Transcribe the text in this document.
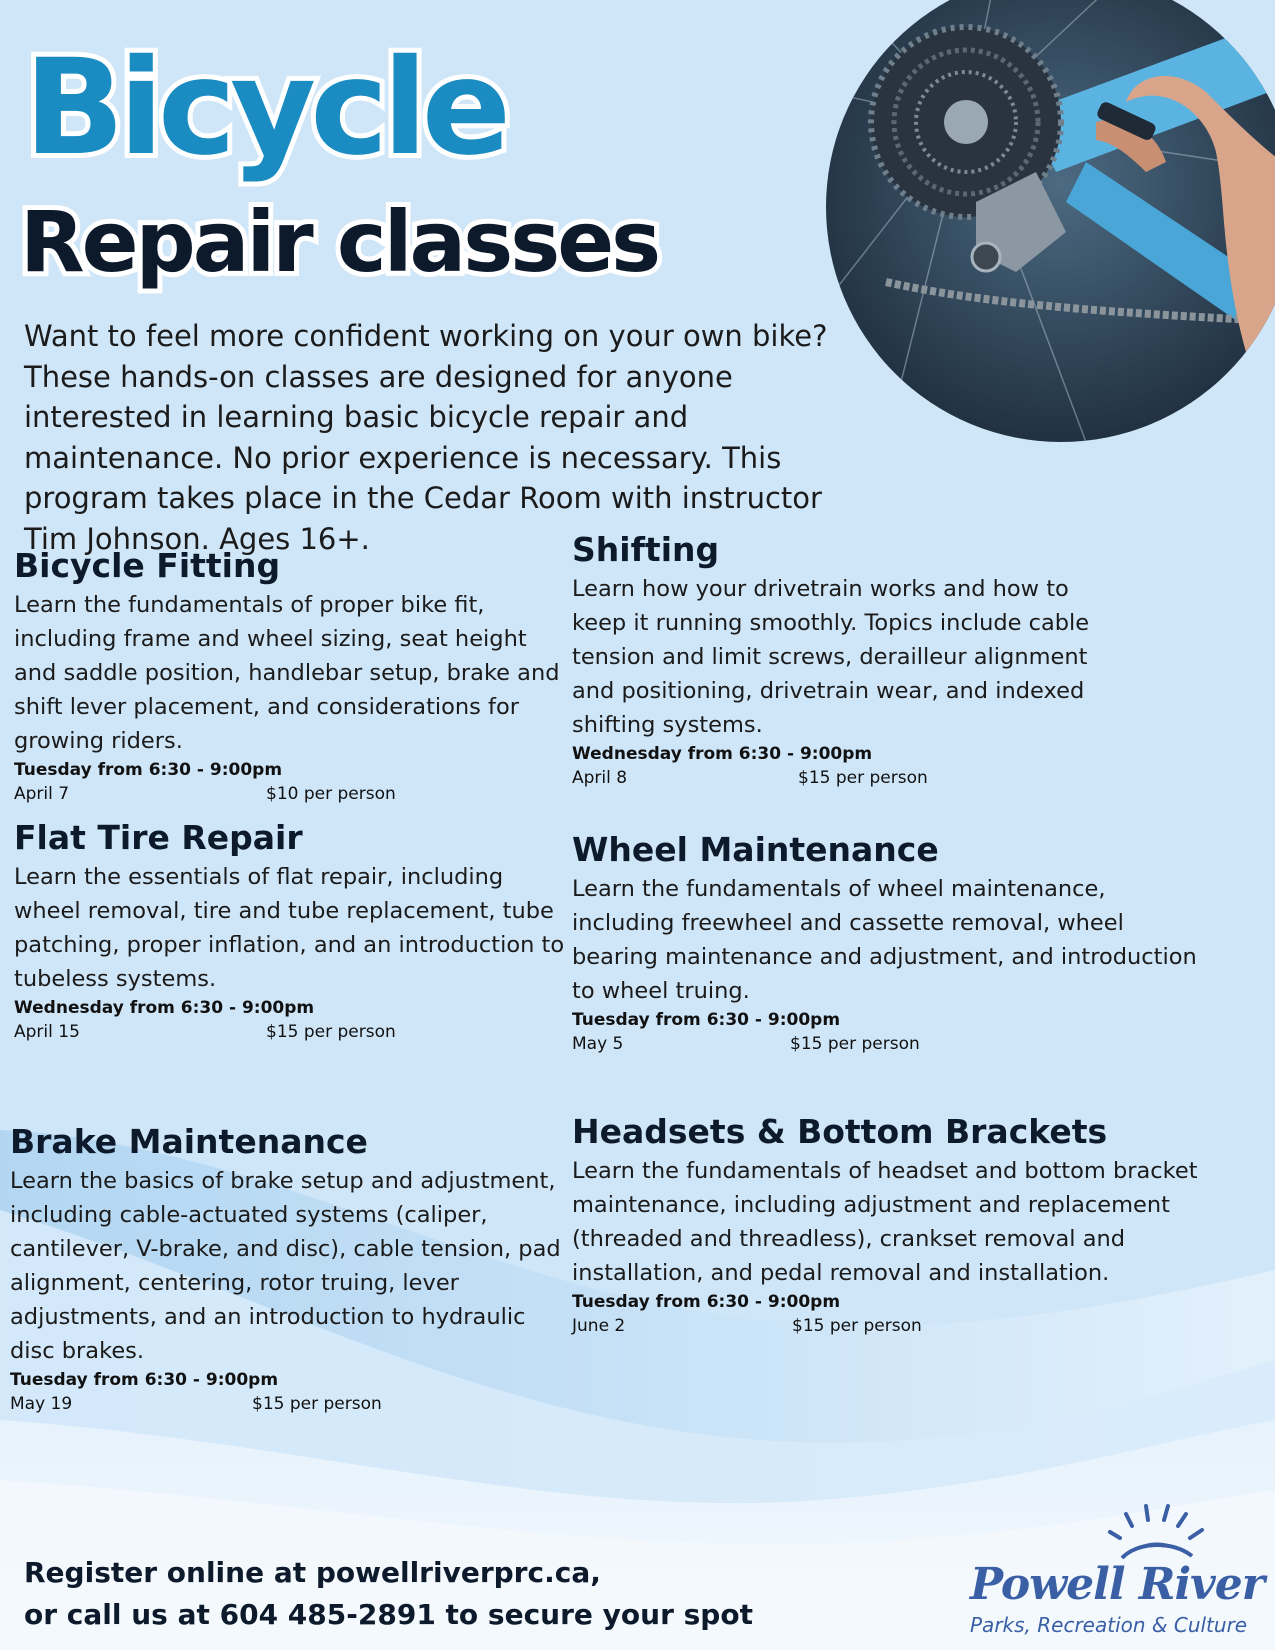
Bicycle
Repair classes

Want to feel more confident working on your own bike? These hands-on classes are designed for anyone interested in learning basic bicycle repair and maintenance. No prior experience is necessary. This program takes place in the Cedar Room with instructor Tim Johnson. Ages 16+.

Bicycle Fitting

Learn the fundamentals of proper bike fit, including frame and wheel sizing, seat height and saddle position, handlebar setup, brake and shift lever placement, and considerations for growing riders.

Tuesday from 6:30 - 9:00pm
April 7	$10 per person
Shifting

Learn how your drivetrain works and how to keep it running smoothly. Topics include cable tension and limit screws, derailleur alignment and positioning, drivetrain wear, and indexed shifting systems.

Wednesday from 6:30 - 9:00pm
April 8	$15 per person
Flat Tire Repair

Learn the essentials of flat repair, including wheel removal, tire and tube replacement, tube patching, proper inflation, and an introduction to tubeless systems.

Wednesday from 6:30 - 9:00pm
April 15	$15 per person
Wheel Maintenance

Learn the fundamentals of wheel maintenance, including freewheel and cassette removal, wheel bearing maintenance and adjustment, and introduction to wheel truing.

Tuesday from 6:30 - 9:00pm
May 5	$15 per person
Brake Maintenance

Learn the basics of brake setup and adjustment, including cable-actuated systems (caliper, cantilever, V-brake, and disc), cable tension, pad alignment, centering, rotor truing, lever adjustments, and an introduction to hydraulic disc brakes.

Tuesday from 6:30 - 9:00pm
May 19	$15 per person
Headsets & Bottom Brackets

Learn the fundamentals of headset and bottom bracket maintenance, including adjustment and replacement (threaded and threadless), crankset removal and installation, and pedal removal and installation.

Tuesday from 6:30 - 9:00pm
June 2	$15 per person
Register online at powellriverprc.ca,
or call us at 604 485-2891 to secure your spot
Powell River
Parks, Recreation & Culture
